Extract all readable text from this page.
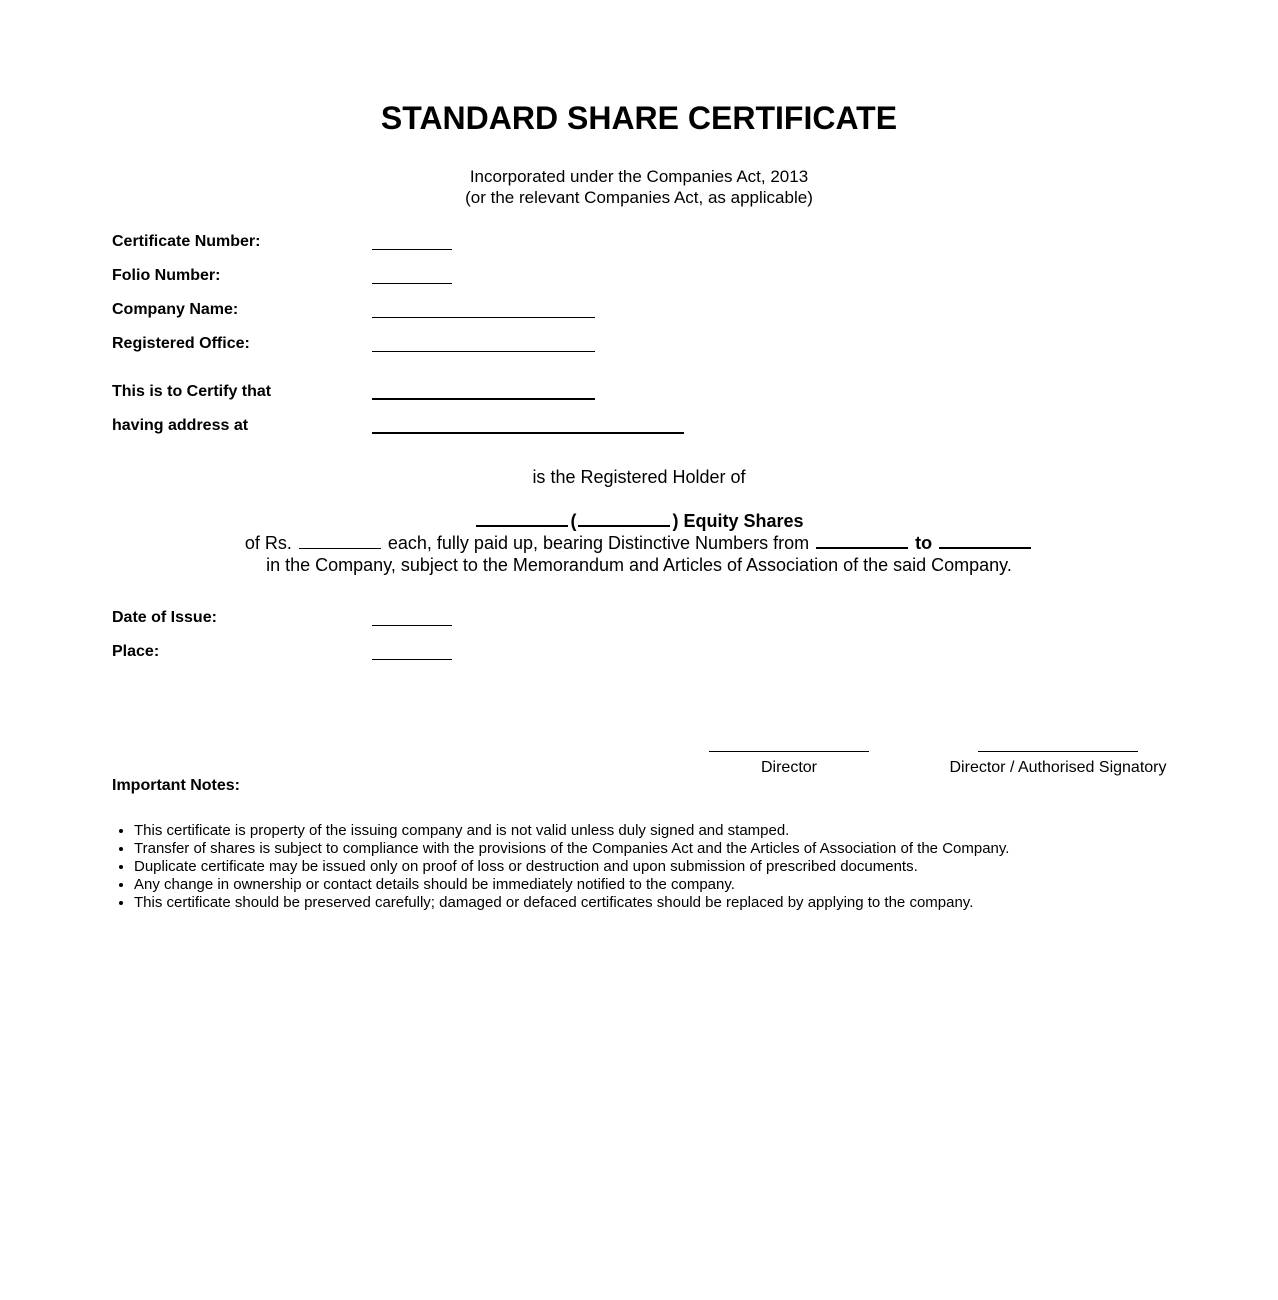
STANDARD SHARE CERTIFICATE
Incorporated under the Companies Act, 2013
(or the relevant Companies Act, as applicable)
Certificate Number:
Folio Number:
Company Name:
Registered Office:
This is to Certify that
having address at
is the Registered Holder of
(	) Equity Shares
of Rs.	each, fully paid up, bearing Distinctive Numbers from	to
in the Company, subject to the Memorandum and Articles of Association of the said Company.
Date of Issue:
Place:
Director	Director / Authorised Signatory
Important Notes:
• This certificate is property of the issuing company and is not valid unless duly signed and stamped.
• Transfer of shares is subject to compliance with the provisions of the Companies Act and the Articles of Association of the Company.
• Duplicate certificate may be issued only on proof of loss or destruction and upon submission of prescribed documents.
• Any change in ownership or contact details should be immediately notified to the company.
• This certificate should be preserved carefully; damaged or defaced certificates should be replaced by applying to the company.
